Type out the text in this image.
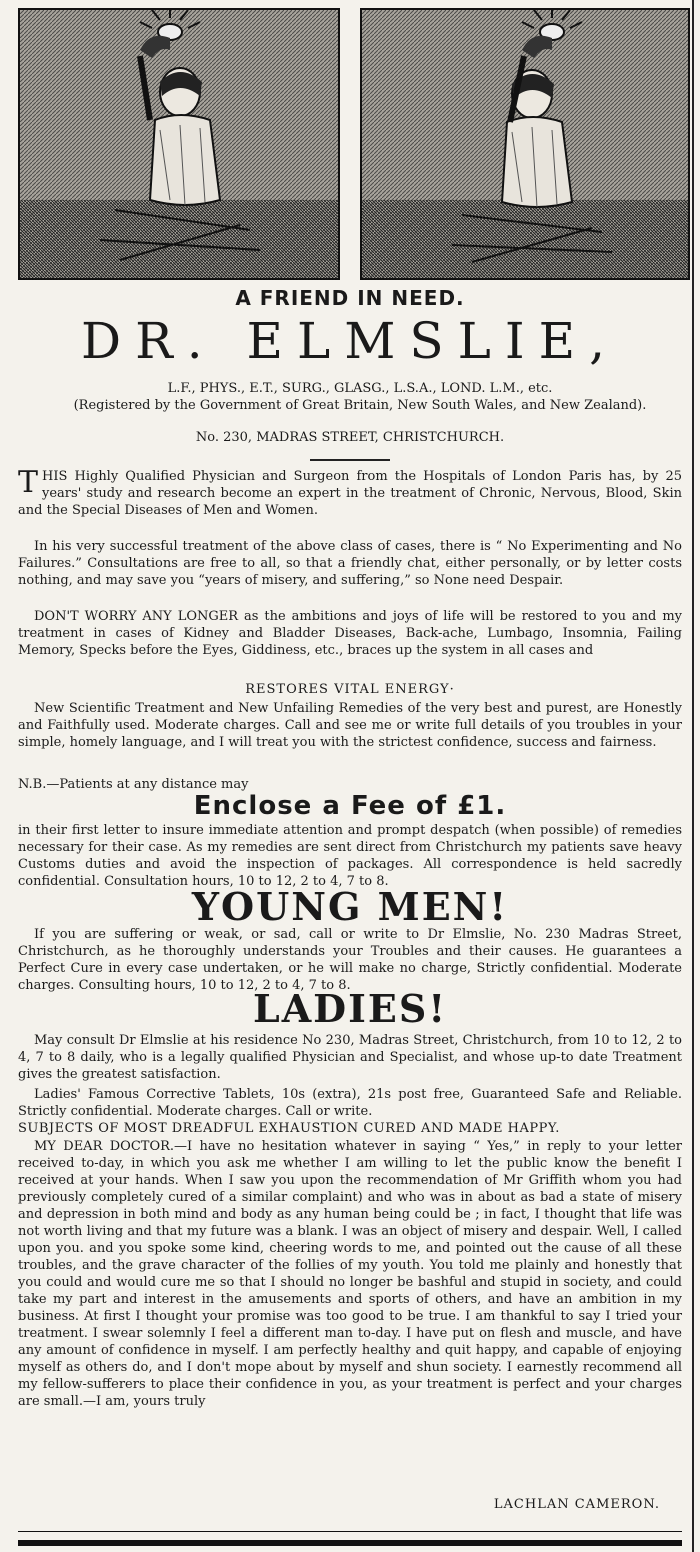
A FRIEND IN NEED.
DR. ELMSLIE,
L.F., PHYS., E.T., SURG., GLASG., L.S.A., LOND. L.M., etc.
(Registered by the Government of Great Britain, New South Wales, and New Zealand).
No. 230, MADRAS STREET, CHRISTCHURCH.
T HIS Highly Qualified Physician and Surgeon from the Hospitals of London Paris has, by 25 years' study and research become an expert in the treatment of Chronic, Nervous, Blood, Skin and the Special Diseases of Men and Women.
In his very successful treatment of the above class of cases, there is “ No Experimenting and No Failures.” Consultations are free to all, so that a friendly chat, either personally, or by letter costs nothing, and may save you “years of misery, and suffering,” so None need Despair.
DON'T WORRY ANY LONGER as the ambitions and joys of life will be restored to you and my treatment in cases of Kidney and Bladder Diseases, Back-ache, Lumbago, Insomnia, Failing Memory, Specks before the Eyes, Giddiness, etc., braces up the system in all cases and
RESTORES VITAL ENERGY·
New Scientific Treatment and New Unfailing Remedies of the very best and purest, are Honestly and Faithfully used. Moderate charges. Call and see me or write full details of you troubles in your simple, homely language, and I will treat you with the strictest confidence, success and fairness.
N.B.—Patients at any distance may
Enclose a Fee of £1.
in their first letter to insure immediate attention and prompt despatch (when possible) of remedies necessary for their case. As my remedies are sent direct from Christchurch my patients save heavy Customs duties and avoid the inspection of packages. All correspondence is held sacredly confidential. Consultation hours, 10 to 12, 2 to 4, 7 to 8.
YOUNG MEN!
If you are suffering or weak, or sad, call or write to Dr Elmslie, No. 230 Madras Street, Christchurch, as he thoroughly understands your Troubles and their causes. He guarantees a Perfect Cure in every case undertaken, or he will make no charge, Strictly confidential. Moderate charges. Consulting hours, 10 to 12, 2 to 4, 7 to 8.
LADIES!
May consult Dr Elmslie at his residence No 230, Madras Street, Christchurch, from 10 to 12, 2 to 4, 7 to 8 daily, who is a legally qualified Physician and Specialist, and whose up-to date Treatment gives the greatest satisfaction.
Ladies' Famous Corrective Tablets, 10s (extra), 21s post free, Guaranteed Safe and Reliable. Strictly confidential. Moderate charges. Call or write.
SUBJECTS OF MOST DREADFUL EXHAUSTION CURED AND MADE HAPPY.
MY DEAR DOCTOR.—I have no hesitation whatever in saying “ Yes,” in reply to your letter received to-day, in which you ask me whether I am willing to let the public know the benefit I received at your hands. When I saw you upon the recommendation of Mr Griffith whom you had previously completely cured of a similar complaint) and who was in about as bad a state of misery and depression in both mind and body as any human being could be ; in fact, I thought that life was not worth living and that my future was a blank. I was an object of misery and despair. Well, I called upon you. and you spoke some kind, cheering words to me, and pointed out the cause of all these troubles, and the grave character of the follies of my youth. You told me plainly and honestly that you could and would cure me so that I should no longer be bashful and stupid in society, and could take my part and interest in the amusements and sports of others, and have an ambition in my business. At first I thought your promise was too good to be true. I am thankful to say I tried your treatment. I swear solemnly I feel a different man to-day. I have put on flesh and muscle, and have any amount of confidence in myself. I am perfectly healthy and quit happy, and capable of enjoying myself as others do, and I don't mope about by myself and shun society. I earnestly recommend all my fellow-sufferers to place their confidence in you, as your treatment is perfect and your charges are small.—I am, yours truly
LACHLAN CAMERON.
